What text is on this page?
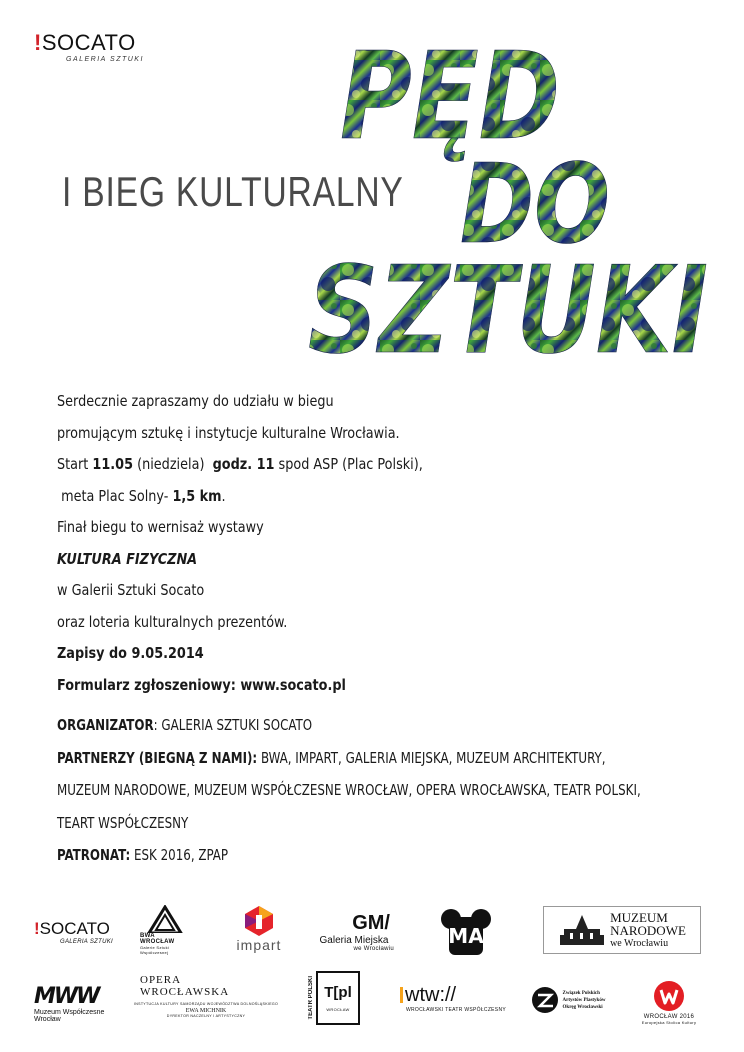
!SOCATO
GALERIA SZTUKI PĘD
DO
SZTUKI
I BIEG KULTURALNY
Serdecznie zapraszamy do udziału w biegu
promującym sztukę i instytucje kulturalne Wrocławia.
Start 11.05 (niedziela)  godz. 11 spod ASP (Plac Polski),
meta Plac Solny- 1,5 km.
Finał biegu to wernisaż wystawy
KULTURA FIZYCZNA
w Galerii Sztuki Socato
oraz loteria kulturalnych prezentów.
Zapisy do 9.05.2014
Formularz zgłoszeniowy: www.socato.pl
ORGANIZATOR: GALERIA SZTUKI SOCATO
PARTNERZY (BIEGNĄ Z NAMI): BWA, IMPART, GALERIA MIEJSKA, MUZEUM ARCHITEKTURY,
MUZEUM NARODOWE, MUZEUM WSPÓŁCZESNE WROCŁAW, OPERA WROCŁAWSKA, TEATR POLSKI,
TEART WSPÓŁCZESNY
PATRONAT: ESK 2016, ZPAP
!SOCATO
GALERIA SZTUKI
BWA WROCŁAW
Galerie Sztuki Współczesnej	impart
GM/
Galeria Miejska
we Wrocławiu
MA
MUZEUM
NARODOWE
we Wrocławiu
MWW
Muzeum Współczesne
Wrocław
OPERA WROCŁAWSKA
INSTYTUCJA KULTURY SAMORZĄDU WOJEWÓDZTWA DOLNOŚLĄSKIEGO
EWA MICHNIK
DYREKTOR NACZELNY I ARTYSTYCZNY	TEATR POLSKI T[pl
WROCŁAW
wtw://
WROCŁAWSKI TEATR WSPÓŁCZESNY
Związek Polskich
Artystów Plastyków
Okręg Wrocławski
WROCŁAW 2016
Europejska Stolica Kultury
